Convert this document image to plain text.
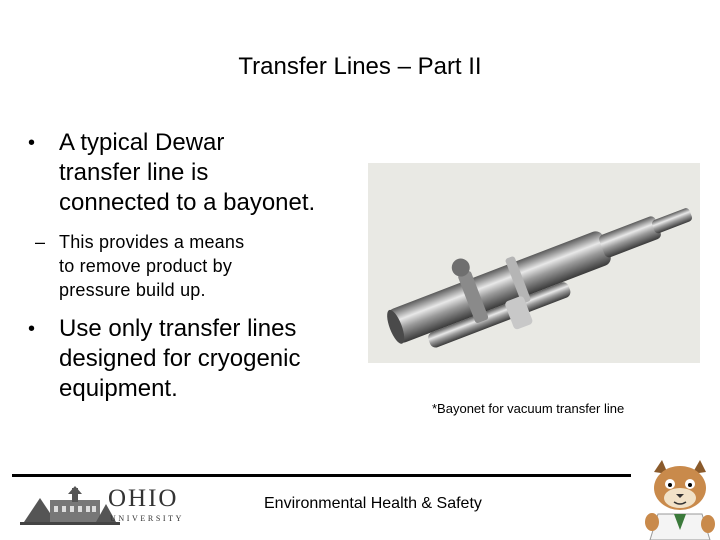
Transfer Lines – Part II
• A typical Dewar
transfer line is
connected to a bayonet.
– This provides a means
to remove product by
pressure build up.
• Use only transfer lines
designed for cryogenic
equipment.
*Bayonet for vacuum transfer line
OHIO
UNIVERSITY
Environmental Health & Safety
